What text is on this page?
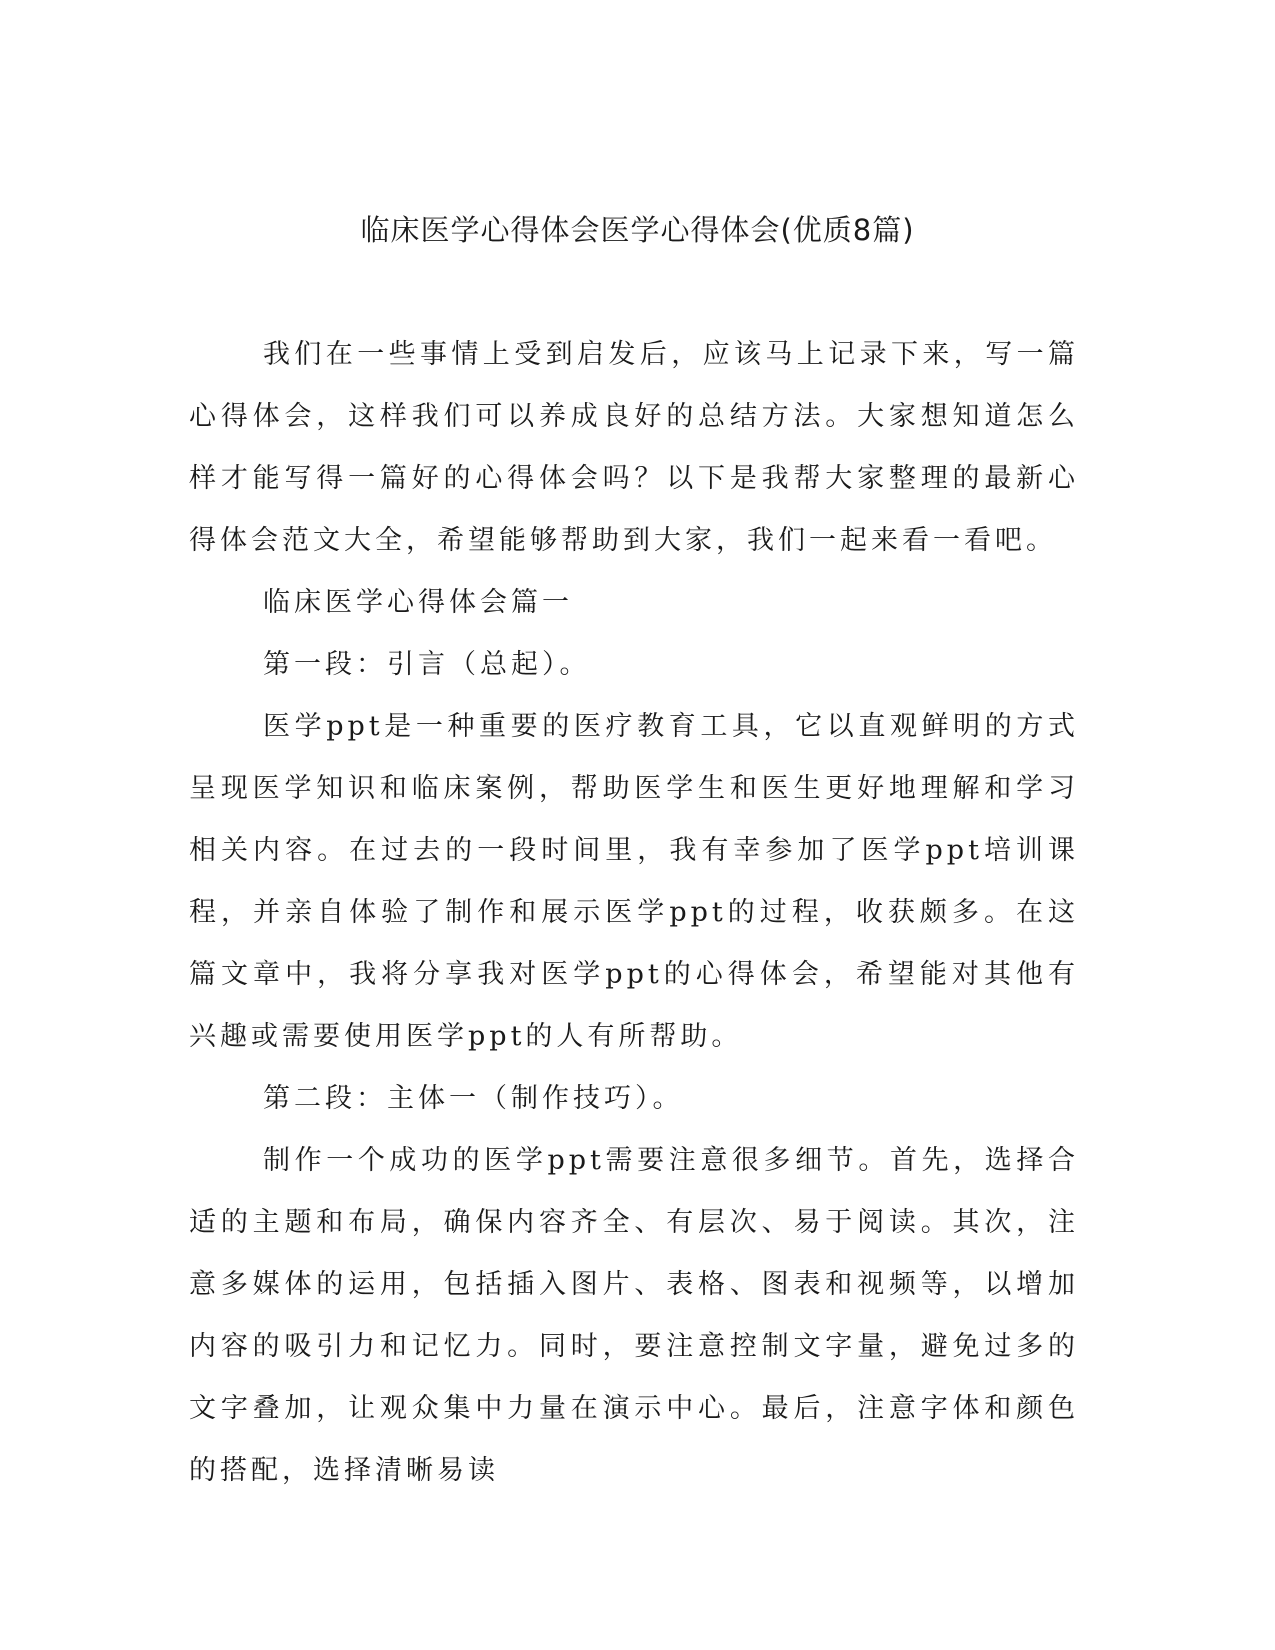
临床医学心得体会医学心得体会(优质8篇)

我们在一些事情上受到启发后，应该马上记录下来，写一篇心得体会，这样我们可以养成良好的总结方法。大家想知道怎么样才能写得一篇好的心得体会吗？以下是我帮大家整理的最新心得体会范文大全，希望能够帮助到大家，我们一起来看一看吧。

临床医学心得体会篇一

第一段：引言（总起）。

医学ppt是一种重要的医疗教育工具，它以直观鲜明的方式呈现医学知识和临床案例，帮助医学生和医生更好地理解和学习相关内容。在过去的一段时间里，我有幸参加了医学ppt培训课程，并亲自体验了制作和展示医学ppt的过程，收获颇多。在这篇文章中，我将分享我对医学ppt的心得体会，希望能对其他有兴趣或需要使用医学ppt的人有所帮助。

第二段：主体一（制作技巧）。

制作一个成功的医学ppt需要注意很多细节。首先，选择合适的主题和布局，确保内容齐全、有层次、易于阅读。其次，注意多媒体的运用，包括插入图片、表格、图表和视频等，以增加内容的吸引力和记忆力。同时，要注意控制文字量，避免过多的文字叠加，让观众集中力量在演示中心。最后，注意字体和颜色的搭配，选择清晰易读
